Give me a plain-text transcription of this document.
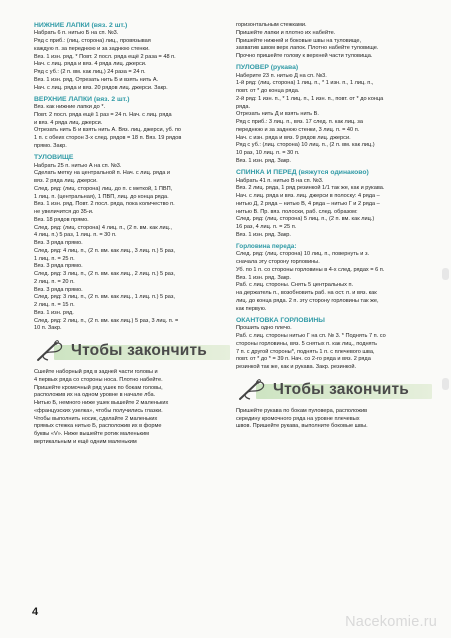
НИЖНИЕ ЛАПКИ (вяз. 2 шт.)
Набрать 6 п. нитью Б на сп. №3.
Ряд с приб.: (лиц. сторона) лиц., провязывая
каждую п. за переднюю и за заднюю стенки.
Вяз. 1 изн. ряд. * Повт. 2 посл. ряда ещё 2 раза = 48 п.
Нач. с лиц. ряда и вяз. 4 ряда лиц. джерси.
Ряд с уб.: (2 п. вм. как лиц.) 24 раза = 24 п.
Вяз. 1 изн. ряд. Отрезать нить Б и взять нить А.
Нач. с лиц. ряда и вяз. 20 рядов лиц. джерси. Закр.
ВЕРХНИЕ ЛАПКИ (вяз. 2 шт.)
Вяз. как нижние лапки до *.
Повт. 2 посл. ряда ещё 1 раз = 24 п. Нач. с лиц. ряда
и вяз. 4 ряда лиц. джерси.
Отрезать нить Б и взять нить А. Вяз. лиц. джерси, уб. по
1 п. с обеих сторон 3-х след. рядов = 18 п. Вяз. 19 рядов
прямо. Закр.
ТУЛОВИЩЕ
Набрать 25 п. нитью А на сп. №3.
Сделать метку на центральной п. Нач. с лиц. ряда и
вяз. 2 ряда лиц. джерси.
След. ряд: (лиц. сторона) лиц. до п. с меткой, 1 ПВП,
1 лиц. п. (центральная), 1 ПВП, лиц. до конца ряда.
Вяз. 1 изн. ряд. Повт. 2 посл. ряда, пока количество п.
не увеличится до 35-и.
Вяз. 18 рядов прямо.
След. ряд: (лиц. сторона) 4 лиц. п., (2 п. вм. как лиц.,
4 лиц. п.) 5 раз, 1 лиц. п. = 30 п.
Вяз. 3 ряда прямо.
След. ряд: 4 лиц. п., (2 п. вм. как лиц., 3 лиц. п.) 5 раз,
1 лиц. п. = 25 п.
Вяз. 3 ряда прямо.
След. ряд: 3 лиц. п., (2 п. вм. как лиц., 2 лиц. п.) 5 раз,
2 лиц. п. = 20 п.
Вяз. 3 ряда прямо.
След. ряд: 3 лиц. п., (2 п. вм. как лиц., 1 лиц. п.) 5 раз,
2 лиц. п. = 15 п.
Вяз. 1 изн. ряд.
След. ряд: 2 лиц. п., (2 п. вм. как лиц.) 5 раз, 3 лиц. п. =
10 п. Закр.
Чтобы закончить
Сшейте наборный ряд в задней части головы и
4 первых ряда со стороны носа. Плотно набейте.
Пришейте кромочный ряд ушек по бокам головы,
расположив их на одном уровне в начале лба.
Нитью Б, немного ниже ушек вышейте 2 маленьких
«французских узелка», чтобы получились глазки.
Чтобы выполнить носик, сделайте 2 маленьких
прямых стежка нитью Б, расположив их в форме
буквы «V». Ниже вышейте ротик маленьким
вертикальным и ещё одним маленьким
горизонтальным стежками.
Пришейте лапки и плотно их набейте.
Пришейте нижней и боковые швы на туловище,
захватив швом верх лапок. Плотно набейте туловище.
Прочно пришейте голову к верхней части туловища.
ПУЛОВЕР (рукава)
Наберите 23 п. нитью Д на сп. №3.
1-й ряд: (лиц. сторона) 1 лиц. п., * 1 изн. п., 1 лиц. п.,
повт. от * до конца ряда.
2-й ряд: 1 изн. п., * 1 лиц. п., 1 изн. п., повт. от * до конца
ряда.
Отрезать нить Д и взять нить В.
Ряд с приб.: 3 лиц. п., вяз. 17 след. п. как лиц. за
переднюю и за заднюю стенки, 3 лиц. п. = 40 п.
Нач. с изн. ряда и вяз. 9 рядов лиц. джерси.
Ряд с уб.: (лиц. сторона) 10 лиц. п., (2 п. вм. как лиц.)
10 раз, 10 лиц. п. = 30 п.
Вяз. 1 изн. ряд. Закр.
СПИНКА И ПЕРЕД (вяжутся одинаково)
Набрать 41 п. нитью В на сп. №3.
Вяз. 2 лиц. ряда, 1 ряд резинкой 1/1 так же, как и рукава.
Нач. с лиц. ряда и вяз. лиц. джерси в полоску: 4 ряда –
нитью Д, 2 ряда – нитью В, 4 ряда – нитью Г и 2 ряда –
нитью В. Пр. вяз. полоски, раб. след. образом:
След. ряд: (лиц. сторона) 5 лиц. п., (2 п. вм. как лиц.)
16 раз, 4 лиц. п. = 25 п.
Вяз. 1 изн. ряд. Закр.
Горловина переда:
След. ряд: (лиц. сторона) 10 лиц. п., повернуть и з.
сначала эту сторону горловины.
Уб. по 1 п. со стороны горловины в 4-х след. рядах = 6 п.
Вяз. 1 изн. ряд. Закр.
Раб. с лиц. стороны. Снять 5 центральных п.
на держатель п., возобновить раб. на ост. п. и вяз. как
лиц. до конца ряда. 2 п. эту сторону горловины так же,
как первую.
ОКАНТОВКА ГОРЛОВИНЫ
Прошить одно плечо.
Раб. с лиц. стороны нитью Г на сп. № 3. * Поднять 7 п. со
стороны горловины, вяз. 5 снятых п. как лиц., поднять
7 п. с другой стороны*, поднять 1 п. с плечевого шва,
повт. от * до * = 39 п. Нач. со 2-го ряда и вяз. 2 ряда
резинкой так же, как и рукава. Закр. резинкой.
Чтобы закончить
Пришейте рукава по бокам пуловера, расположив
середину кромочного ряда на уровне плечевых
швов. Пришейте рукава, выполните боковые швы.
4
Nacekomie.ru
